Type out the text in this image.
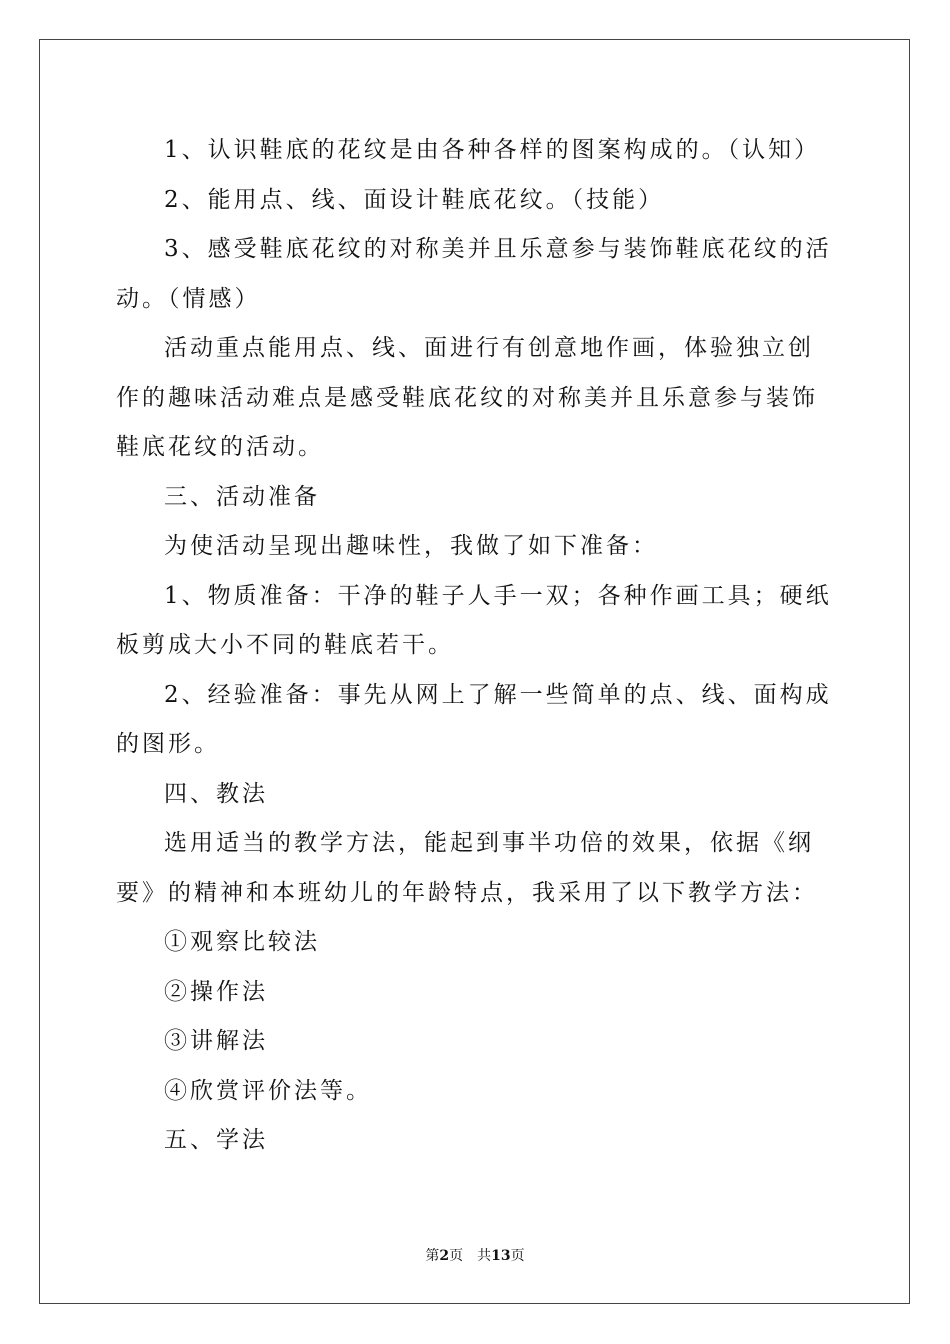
1、认识鞋底的花纹是由各种各样的图案构成的。（认知）

2、能用点、线、面设计鞋底花纹。（技能）

3、感受鞋底花纹的对称美并且乐意参与装饰鞋底花纹的活动。（情感）

活动重点能用点、线、面进行有创意地作画，体验独立创作的趣味活动难点是感受鞋底花纹的对称美并且乐意参与装饰鞋底花纹的活动。

三、活动准备

为使活动呈现出趣味性，我做了如下准备：

1、物质准备：干净的鞋子人手一双；各种作画工具；硬纸板剪成大小不同的鞋底若干。

2、经验准备：事先从网上了解一些简单的点、线、面构成的图形。

四、教法

选用适当的教学方法，能起到事半功倍的效果，依据《纲要》的精神和本班幼儿的年龄特点，我采用了以下教学方法：

①观察比较法

②操作法

③讲解法

④欣赏评价法等。

五、学法

第2页 共13页
